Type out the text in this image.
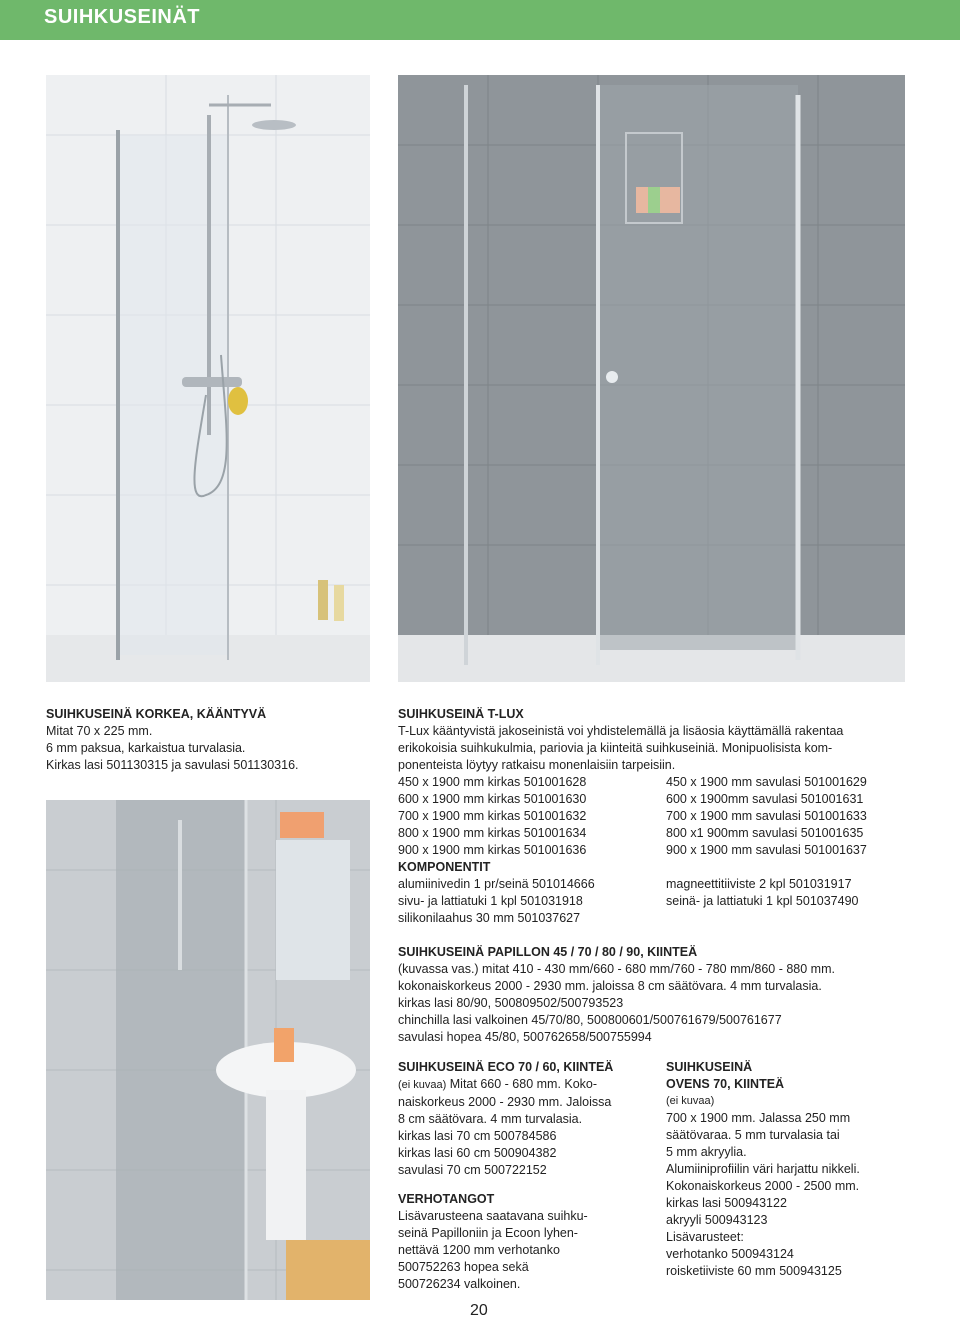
SUIHKUSEINÄT
SUIHKUSEINÄ KORKEA, KÄÄNTYVÄ
Mitat 70 x 225 mm.
6 mm paksua, karkaistua turvalasia.
Kirkas lasi 501130315 ja savulasi 501130316.
SUIHKUSEINÄ T-LUX
T-Lux kääntyvistä jakoseinistä voi yhdistelemällä ja lisäosia käyttämällä rakentaa
erikokoisia suihkukulmia, pariovia ja kiinteitä suihkuseiniä. Monipuolisista kom-
ponenteista löytyy ratkaisu monenlaisiin tarpeisiin.
450 x 1900 mm kirkas 501001628
600 x 1900 mm kirkas 501001630
700 x 1900 mm kirkas 501001632
800 x 1900 mm kirkas 501001634
900 x 1900 mm kirkas 501001636
KOMPONENTIT
alumiinivedin 1 pr/seinä 501014666
sivu- ja lattiatuki 1 kpl 501031918
silikonilaahus 30 mm 501037627
450 x 1900 mm savulasi 501001629
600 x 1900mm savulasi 501001631
700 x 1900 mm savulasi 501001633
800 x1 900mm savulasi 501001635
900 x 1900 mm savulasi 501001637

magneettitiiviste 2 kpl 501031917
seinä- ja lattiatuki 1 kpl 501037490
SUIHKUSEINÄ PAPILLON 45 / 70 / 80 / 90, KIINTEÄ
(kuvassa vas.) mitat 410 - 430 mm/660 - 680 mm/760 - 780 mm/860 - 880 mm.
kokonaiskorkeus 2000 - 2930 mm. jaloissa 8 cm säätövara. 4 mm turvalasia.
kirkas lasi 80/90, 500809502/500793523
chinchilla lasi valkoinen 45/70/80, 500800601/500761679/500761677
savulasi hopea 45/80, 500762658/500755994
SUIHKUSEINÄ ECO 70 / 60, KIINTEÄ
(ei kuvaa) Mitat 660 - 680 mm. Koko-
naiskorkeus 2000 - 2930 mm. Jaloissa
8 cm säätövara. 4 mm turvalasia.
kirkas lasi 70 cm 500784586
kirkas lasi 60 cm 500904382
savulasi 70 cm 500722152
VERHOTANGOT
Lisävarusteena saatavana suihku-
seinä Papilloniin ja Ecoon lyhen-
nettävä 1200 mm verhotanko
500752263 hopea sekä
500726234 valkoinen.
SUIHKUSEINÄ
OVENS 70, KIINTEÄ
(ei kuvaa)
700 x 1900 mm. Jalassa 250 mm
säätövaraa. 5 mm turvalasia tai
5 mm akryylia.
Alumiiniprofiilin väri harjattu nikkeli.
Kokonaiskorkeus 2000 - 2500 mm.
kirkas lasi 500943122
akryyli 500943123
Lisävarusteet:
verhotanko 500943124
roisketiiviste 60 mm 500943125
20
